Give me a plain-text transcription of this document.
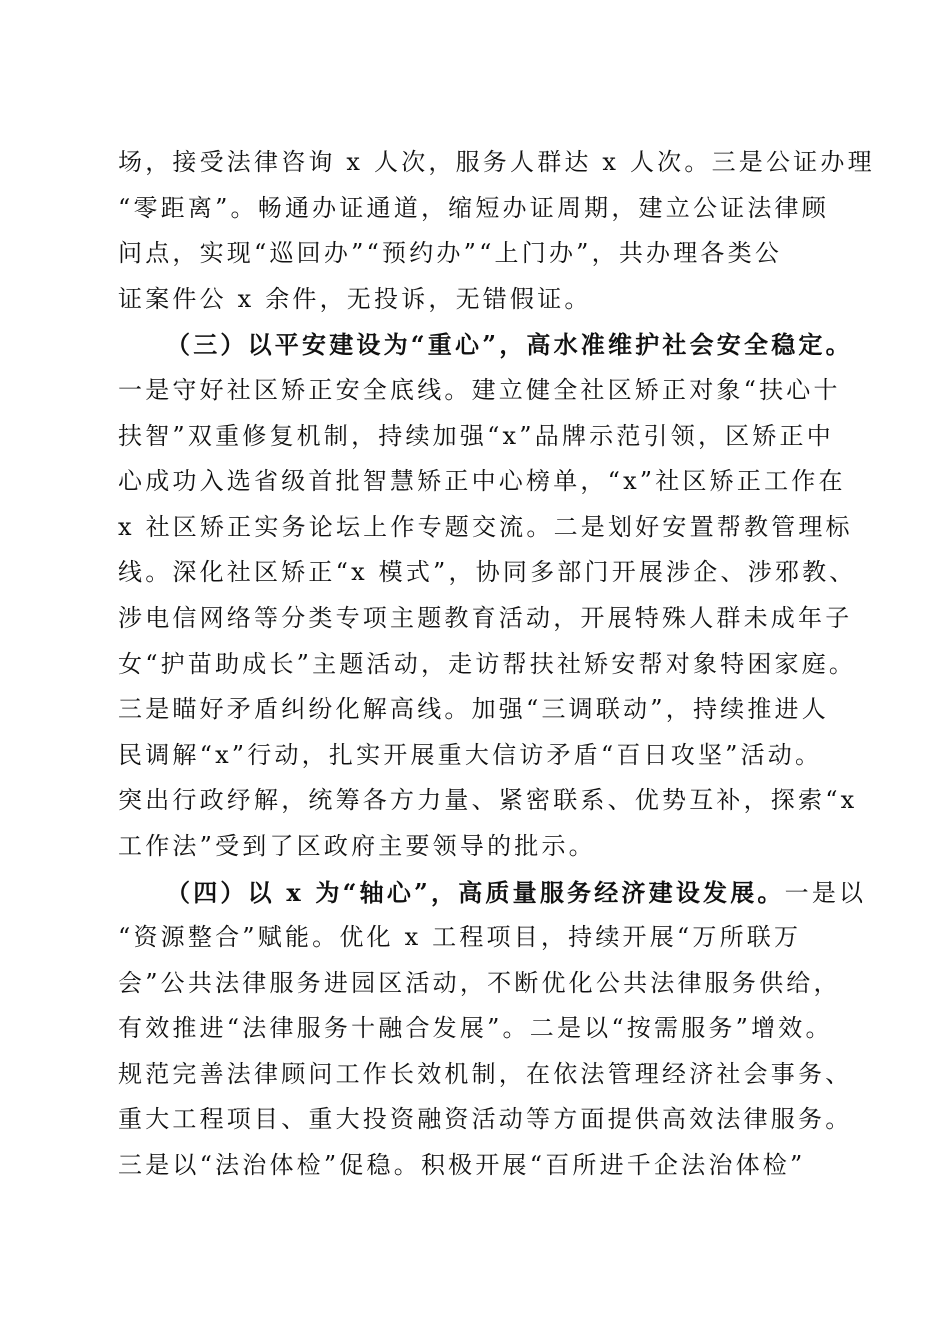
场，接受法律咨询 x 人次，服务人群达 x 人次。三是公证办理
“零距离”。畅通办证通道，缩短办证周期，建立公证法律顾
问点，实现“巡回办”“预约办”“上门办”，共办理各类公
证案件公 x 余件，无投诉，无错假证。
（三）以平安建设为“重心”，高水准维护社会安全稳定。
一是守好社区矫正安全底线。建立健全社区矫正对象“扶心十
扶智”双重修复机制，持续加强“x”品牌示范引领，区矫正中
心成功入选省级首批智慧矫正中心榜单，“x”社区矫正工作在
x 社区矫正实务论坛上作专题交流。二是划好安置帮教管理标
线。深化社区矫正“x 模式”，协同多部门开展涉企、涉邪教、
涉电信网络等分类专项主题教育活动，开展特殊人群未成年子
女“护苗助成长”主题活动，走访帮扶社矫安帮对象特困家庭。
三是瞄好矛盾纠纷化解高线。加强“三调联动”，持续推进人
民调解“x”行动，扎实开展重大信访矛盾“百日攻坚”活动。
突出行政纾解，统筹各方力量、紧密联系、优势互补，探索“x
工作法”受到了区政府主要领导的批示。
（四）以 x 为“轴心”，高质量服务经济建设发展。一是以
“资源整合”赋能。优化 x 工程项目，持续开展“万所联万
会”公共法律服务进园区活动，不断优化公共法律服务供给，
有效推进“法律服务十融合发展”。二是以“按需服务”增效。
规范完善法律顾问工作长效机制，在依法管理经济社会事务、
重大工程项目、重大投资融资活动等方面提供高效法律服务。
三是以“法治体检”促稳。积极开展“百所进千企法治体检”
